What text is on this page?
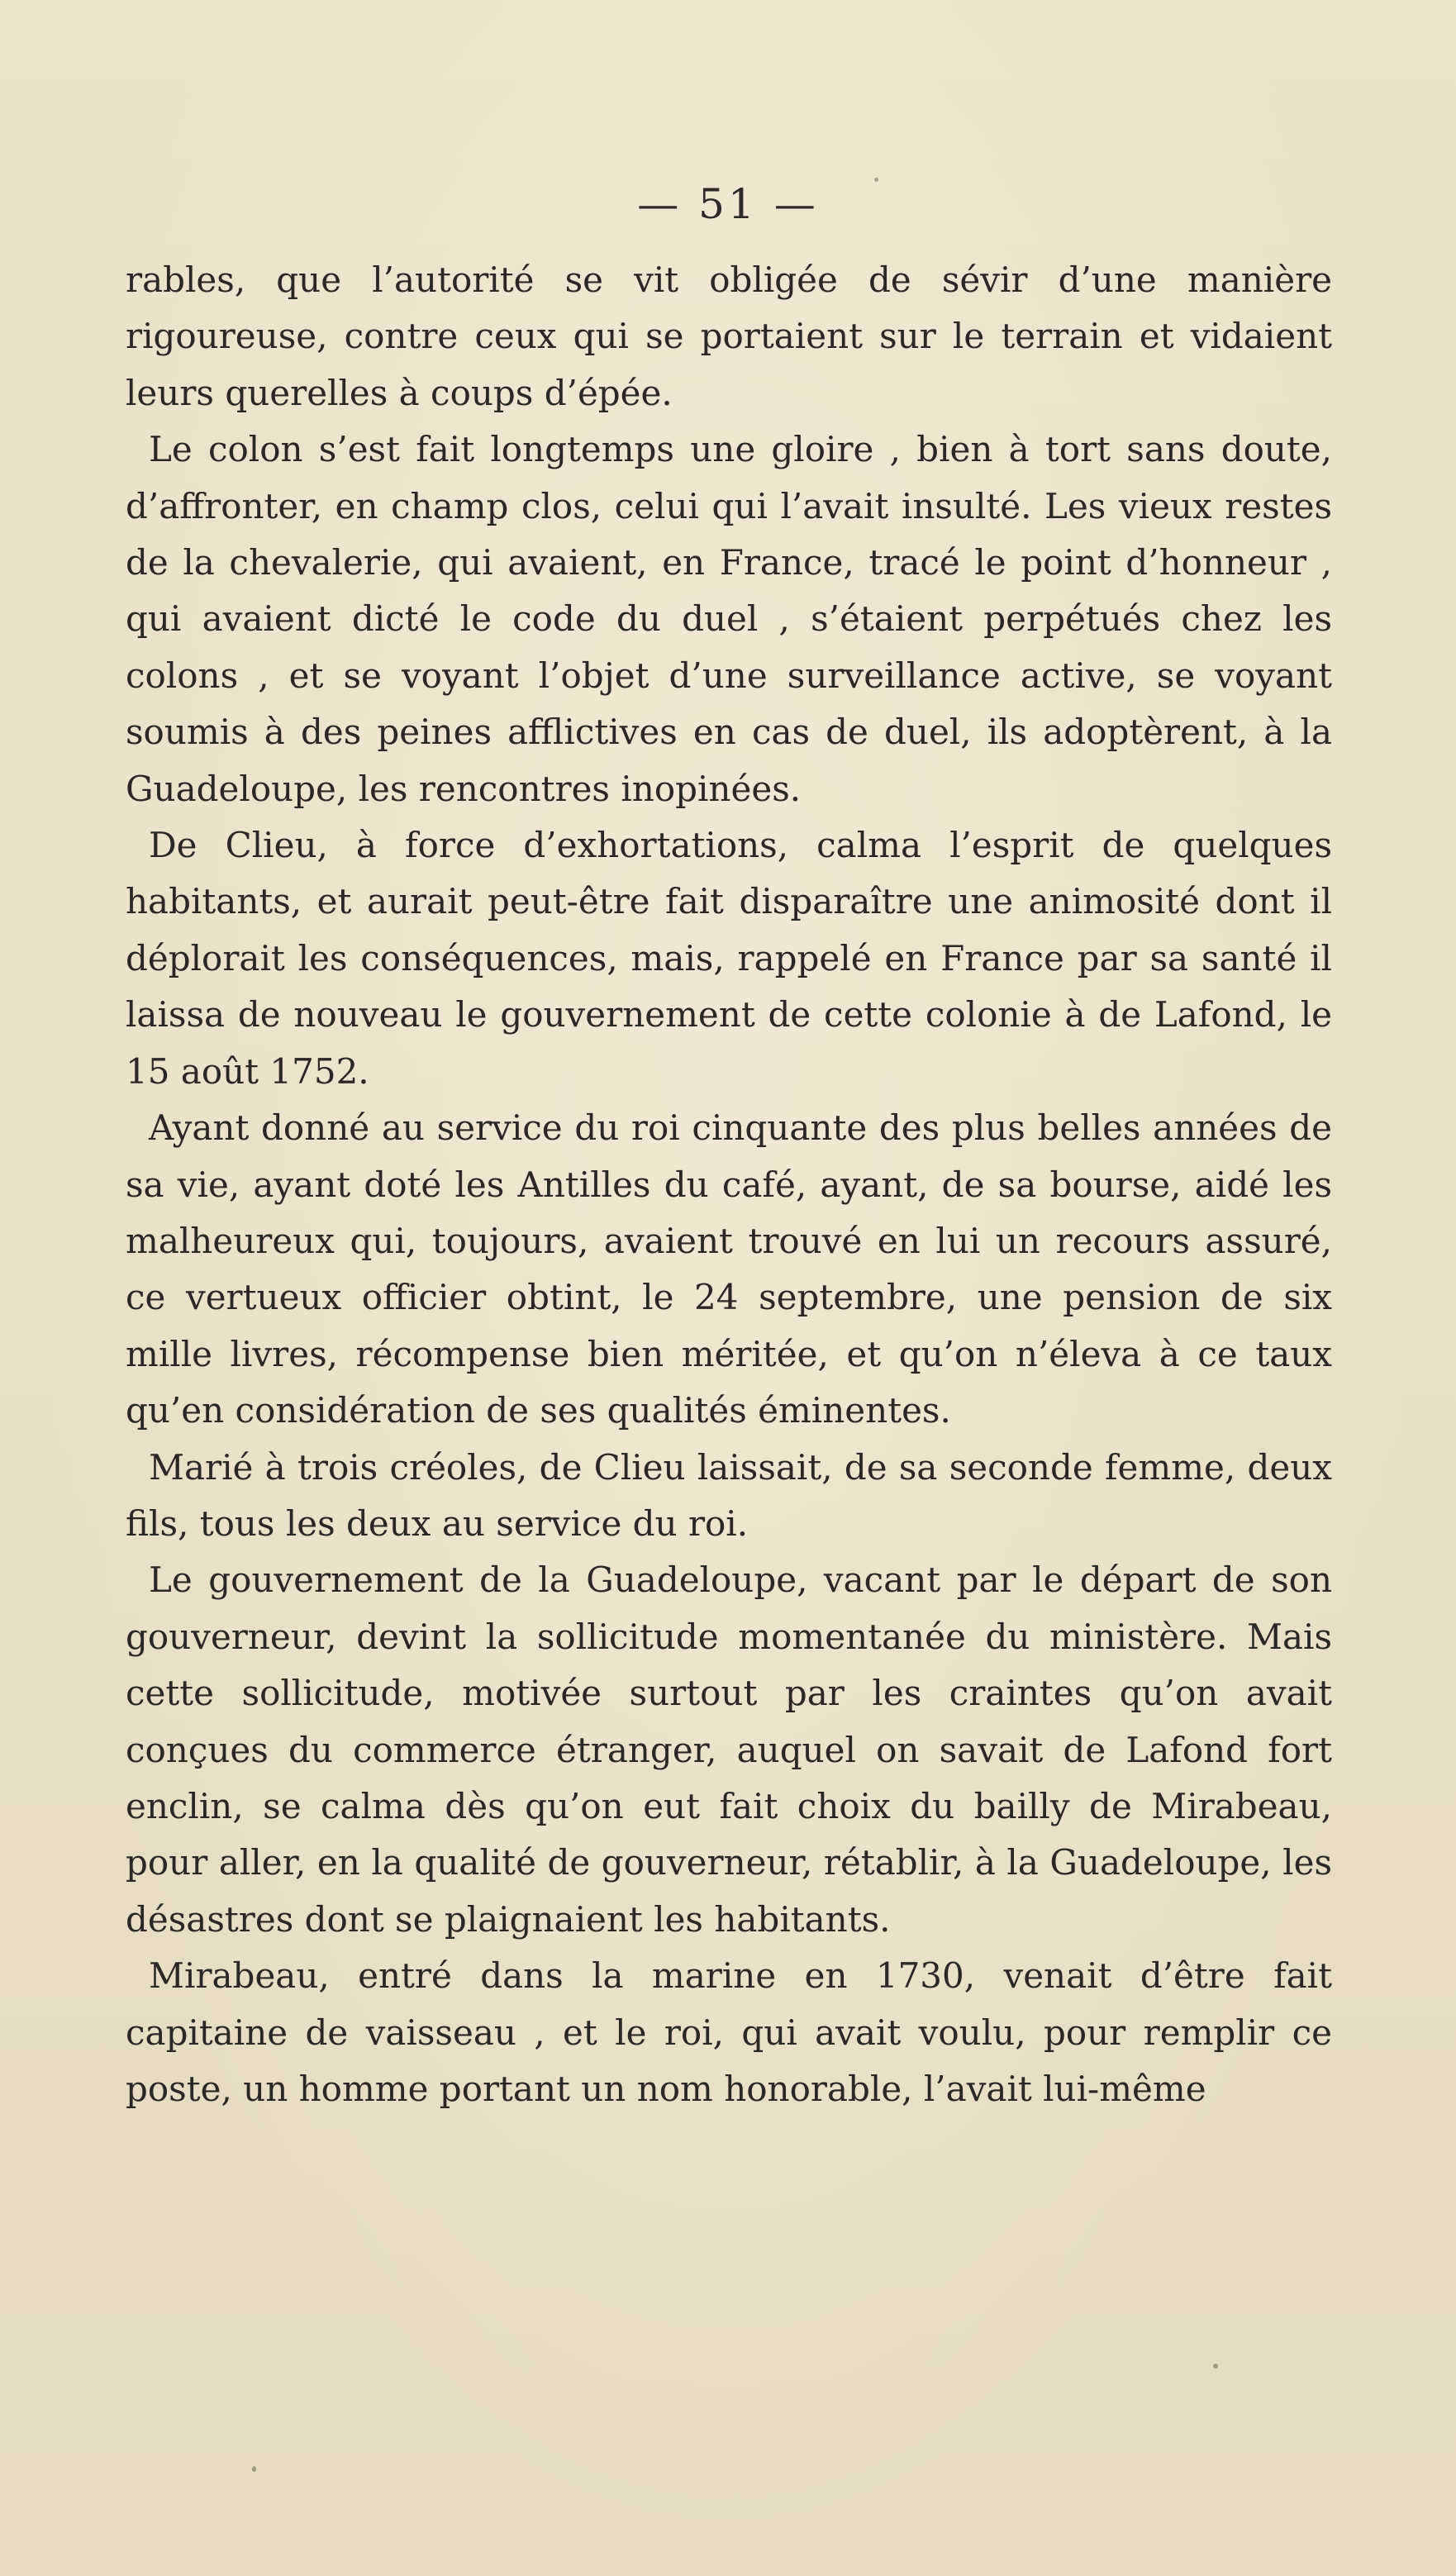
— 51 —

rables, que l’autorité se vit obligée de sévir d’une manière rigoureuse, contre ceux qui se portaient sur le terrain et vidaient leurs querelles à coups d’épée.

Le colon s’est fait longtemps une gloire , bien à tort sans doute, d’affronter, en champ clos, celui qui l’avait insulté. Les vieux restes de la chevalerie, qui avaient, en France, tracé le point d’honneur , qui avaient dicté le code du duel , s’étaient perpétués chez les colons , et se voyant l’objet d’une surveillance active, se voyant soumis à des peines afflictives en cas de duel, ils adoptèrent, à la Guadeloupe, les rencontres inopinées.

De Clieu, à force d’exhortations, calma l’esprit de quelques habitants, et aurait peut-être fait disparaître une animosité dont il déplorait les conséquences, mais, rappelé en France par sa santé il laissa de nouveau le gouvernement de cette colonie à de Lafond, le 15 août 1752.

Ayant donné au service du roi cinquante des plus belles années de sa vie, ayant doté les Antilles du café, ayant, de sa bourse, aidé les malheureux qui, toujours, avaient trouvé en lui un recours assuré, ce vertueux officier obtint, le 24 septembre, une pension de six mille livres, récompense bien méritée, et qu’on n’éleva à ce taux qu’en considération de ses qualités éminentes.

Marié à trois créoles, de Clieu laissait, de sa seconde femme, deux fils, tous les deux au service du roi.

Le gouvernement de la Guadeloupe, vacant par le départ de son gouverneur, devint la sollicitude momentanée du ministère. Mais cette sollicitude, motivée surtout par les craintes qu’on avait conçues du commerce étranger, auquel on savait de Lafond fort enclin, se calma dès qu’on eut fait choix du bailly de Mirabeau, pour aller, en la qualité de gouverneur, rétablir, à la Guadeloupe, les désastres dont se plaignaient les habitants.

Mirabeau, entré dans la marine en 1730, venait d’être fait capitaine de vaisseau , et le roi, qui avait voulu, pour remplir ce poste, un homme portant un nom honorable, l’avait lui-même
